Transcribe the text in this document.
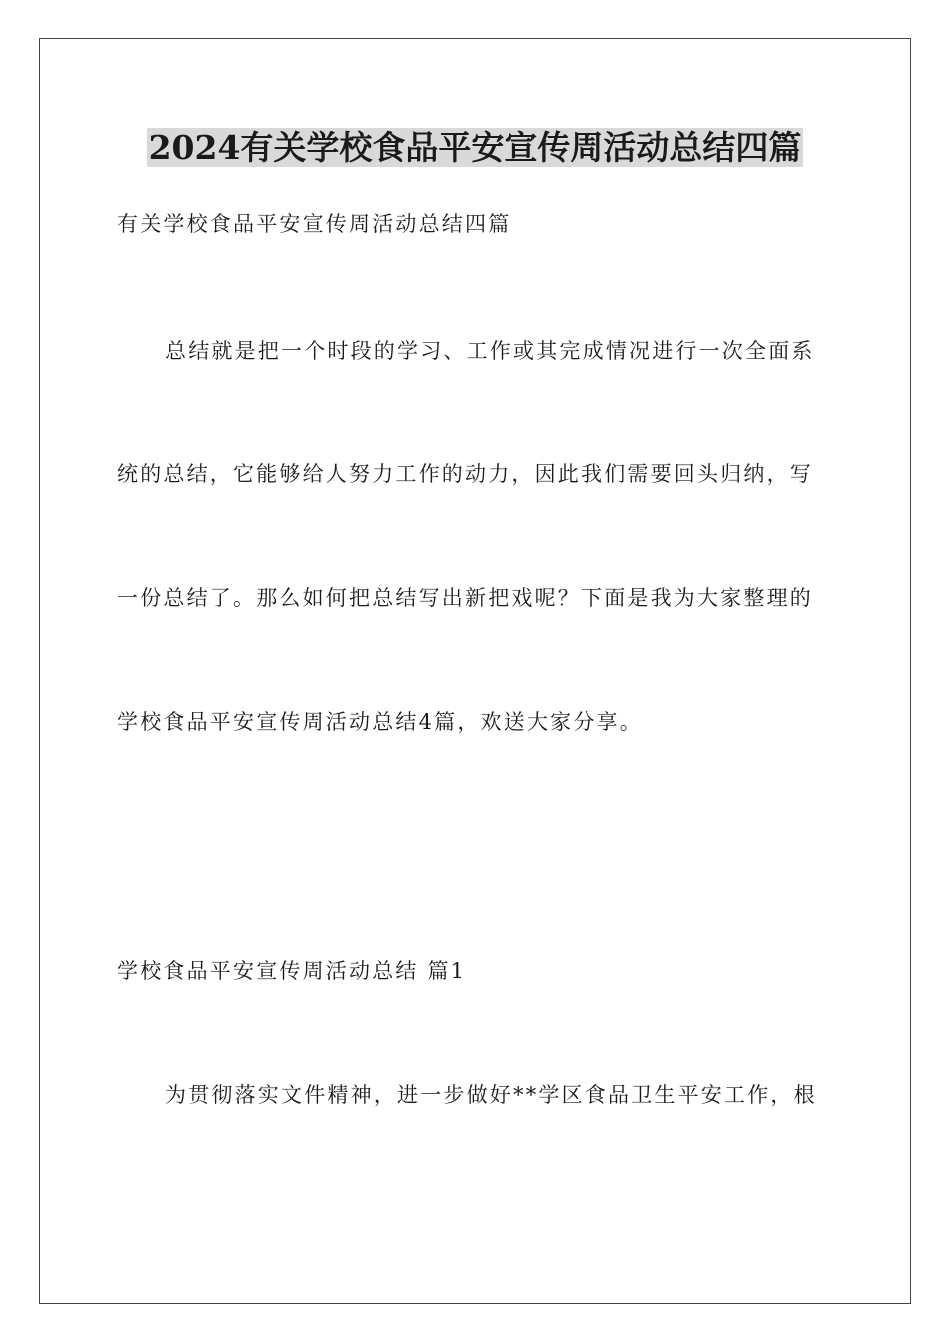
2024有关学校食品平安宣传周活动总结四篇

有关学校食品平安宣传周活动总结四篇

总结就是把一个时段的学习、工作或其完成情况进行一次全面系

统的总结，它能够给人努力工作的动力，因此我们需要回头归纳，写

一份总结了。那么如何把总结写出新把戏呢？下面是我为大家整理的

学校食品平安宣传周活动总结4篇，欢送大家分享。

学校食品平安宣传周活动总结 篇1

为贯彻落实文件精神，进一步做好**学区食品卫生平安工作，根
